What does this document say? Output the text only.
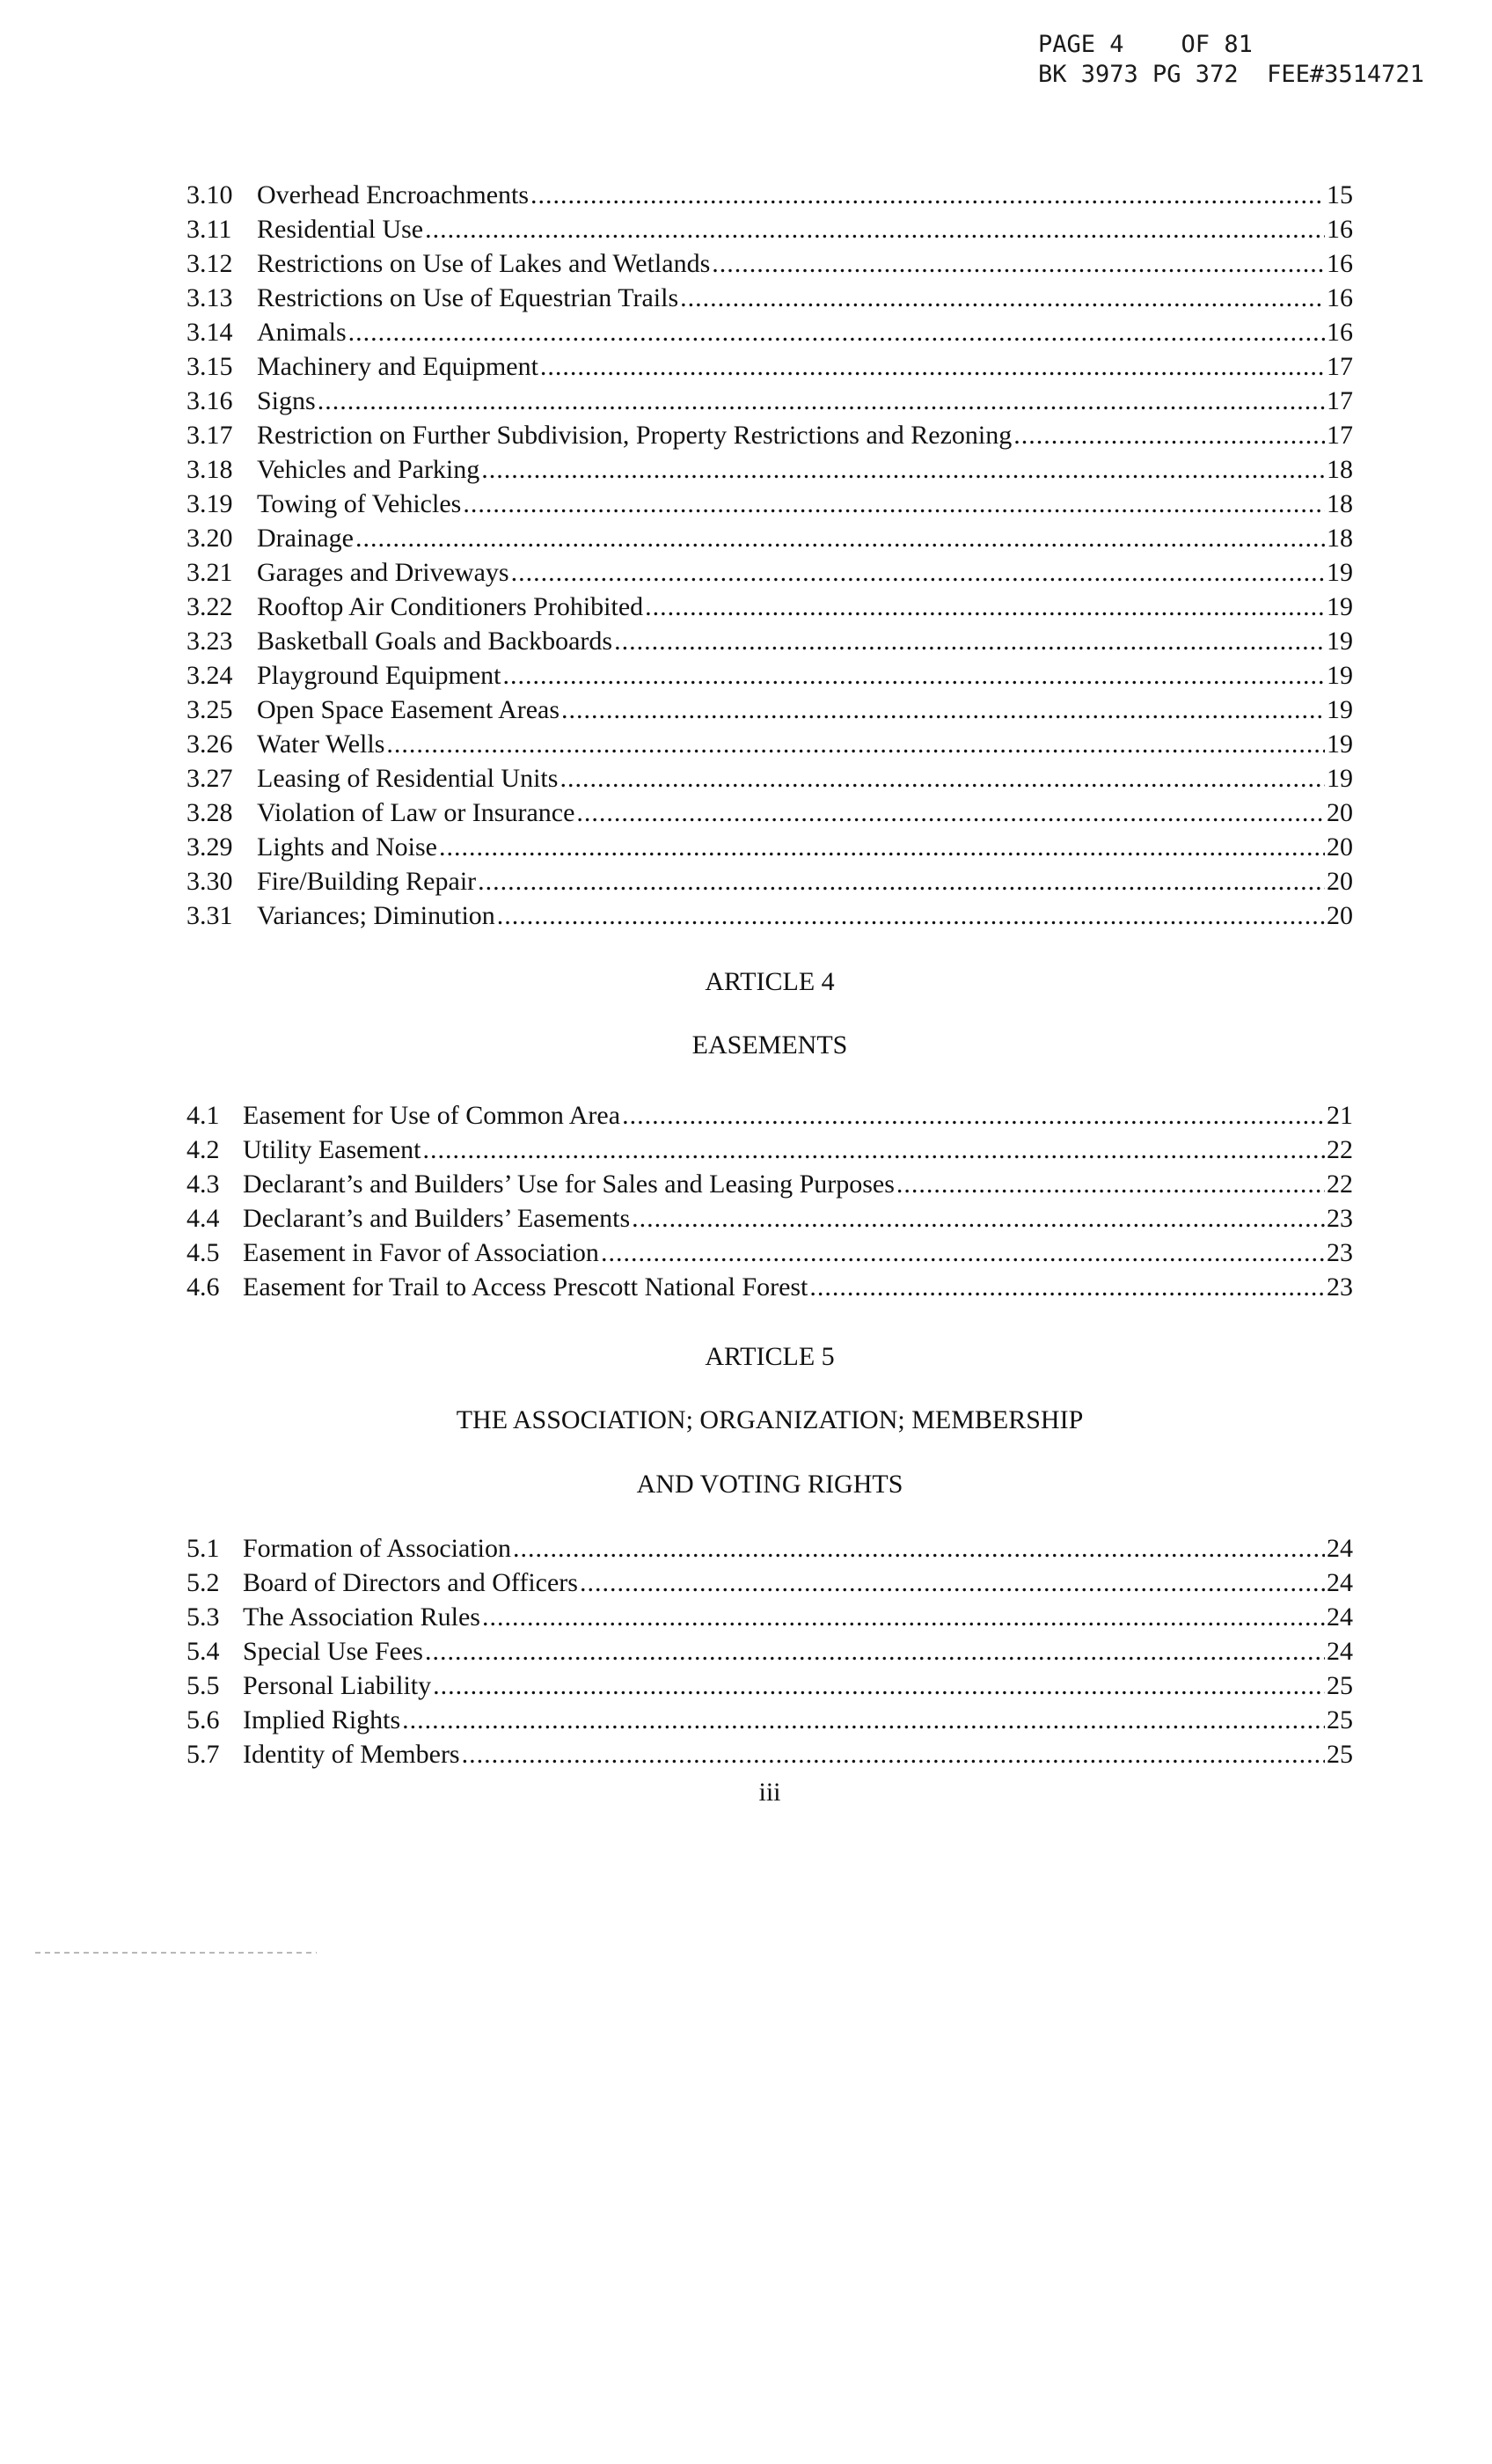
PAGE 4    OF 81
BK 3973 PG 372  FEE#3514721
3.10 Overhead Encroachments .....	15
3.11 Residential Use .....	16
3.12 Restrictions on Use of Lakes and Wetlands .....	16
3.13 Restrictions on Use of Equestrian Trails .....	16
3.14 Animals .....	16
3.15 Machinery and Equipment .....	17
3.16 Signs .....	17
3.17 Restriction on Further Subdivision, Property Restrictions and Rezoning .....	17
3.18 Vehicles and Parking .....	18
3.19 Towing of Vehicles .....	18
3.20 Drainage .....	18
3.21 Garages and Driveways .....	19
3.22 Rooftop Air Conditioners Prohibited .....	19
3.23 Basketball Goals and Backboards .....	19
3.24 Playground Equipment .....	19
3.25 Open Space Easement Areas .....	19
3.26 Water Wells .....	19
3.27 Leasing of Residential Units .....	19
3.28 Violation of Law or Insurance .....	20
3.29 Lights and Noise .....	20
3.30 Fire/Building Repair .....	20
3.31 Variances; Diminution .....	20
ARTICLE 4
EASEMENTS
4.1 Easement for Use of Common Area .....	21
4.2 Utility Easement .....	22
4.3 Declarant’s and Builders’ Use for Sales and Leasing Purposes .....	22
4.4 Declarant’s and Builders’ Easements .....	23
4.5 Easement in Favor of Association .....	23
4.6 Easement for Trail to Access Prescott National Forest .....	23
ARTICLE 5
THE ASSOCIATION; ORGANIZATION; MEMBERSHIP
AND VOTING RIGHTS
5.1 Formation of Association .....	24
5.2 Board of Directors and Officers .....	24
5.3 The Association Rules .....	24
5.4 Special Use Fees .....	24
5.5 Personal Liability .....	25
5.6 Implied Rights .....	25
5.7 Identity of Members .....	25
iii
